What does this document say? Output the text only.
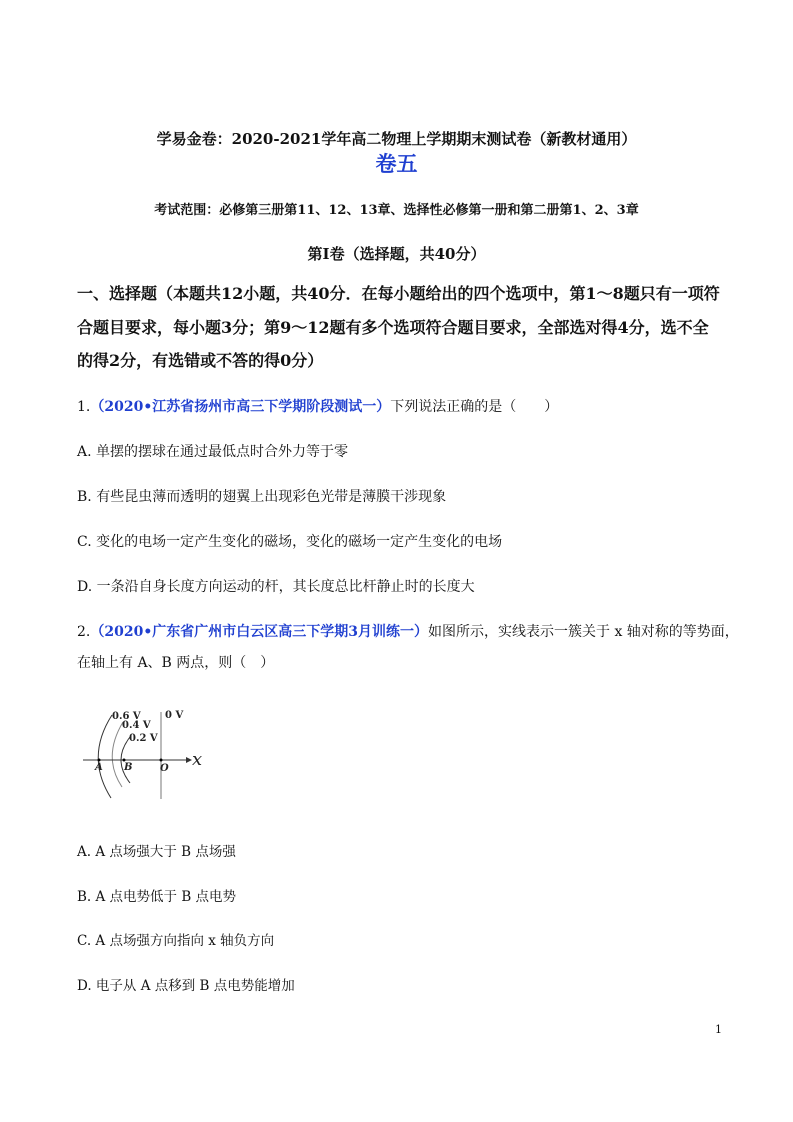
学易金卷：2020-2021学年高二物理上学期期末测试卷（新教材通用）
卷五
考试范围：必修第三册第11、12、13章、选择性必修第一册和第二册第1、2、3章
第Ⅰ卷（选择题，共40分）
一、选择题（本题共12小题，共40分．在每小题给出的四个选项中，第1～8题只有一项符
合题目要求，每小题3分；第9～12题有多个选项符合题目要求，全部选对得4分，选不全
的得2分，有选错或不答的得0分）
1.（2020•江苏省扬州市高三下学期阶段测试一）下列说法正确的是（　　）
A. 单摆的摆球在通过最低点时合外力等于零
B. 有些昆虫薄而透明的翅翼上出现彩色光带是薄膜干涉现象
C. 变化的电场一定产生变化的磁场，变化的磁场一定产生变化的电场
D. 一条沿自身长度方向运动的杆，其长度总比杆静止时的长度大
2.（2020•广东省广州市白云区高三下学期3月训练一）如图所示，实线表示一簇关于 x 轴对称的等势面，
在轴上有 A、B 两点，则（　）
0.6 V
0.4 V
0.2 V
0 V
A B	O x
A. A 点场强大于 B 点场强
B. A 点电势低于 B 点电势
C. A 点场强方向指向 x 轴负方向
D. 电子从 A 点移到 B 点电势能增加
1
